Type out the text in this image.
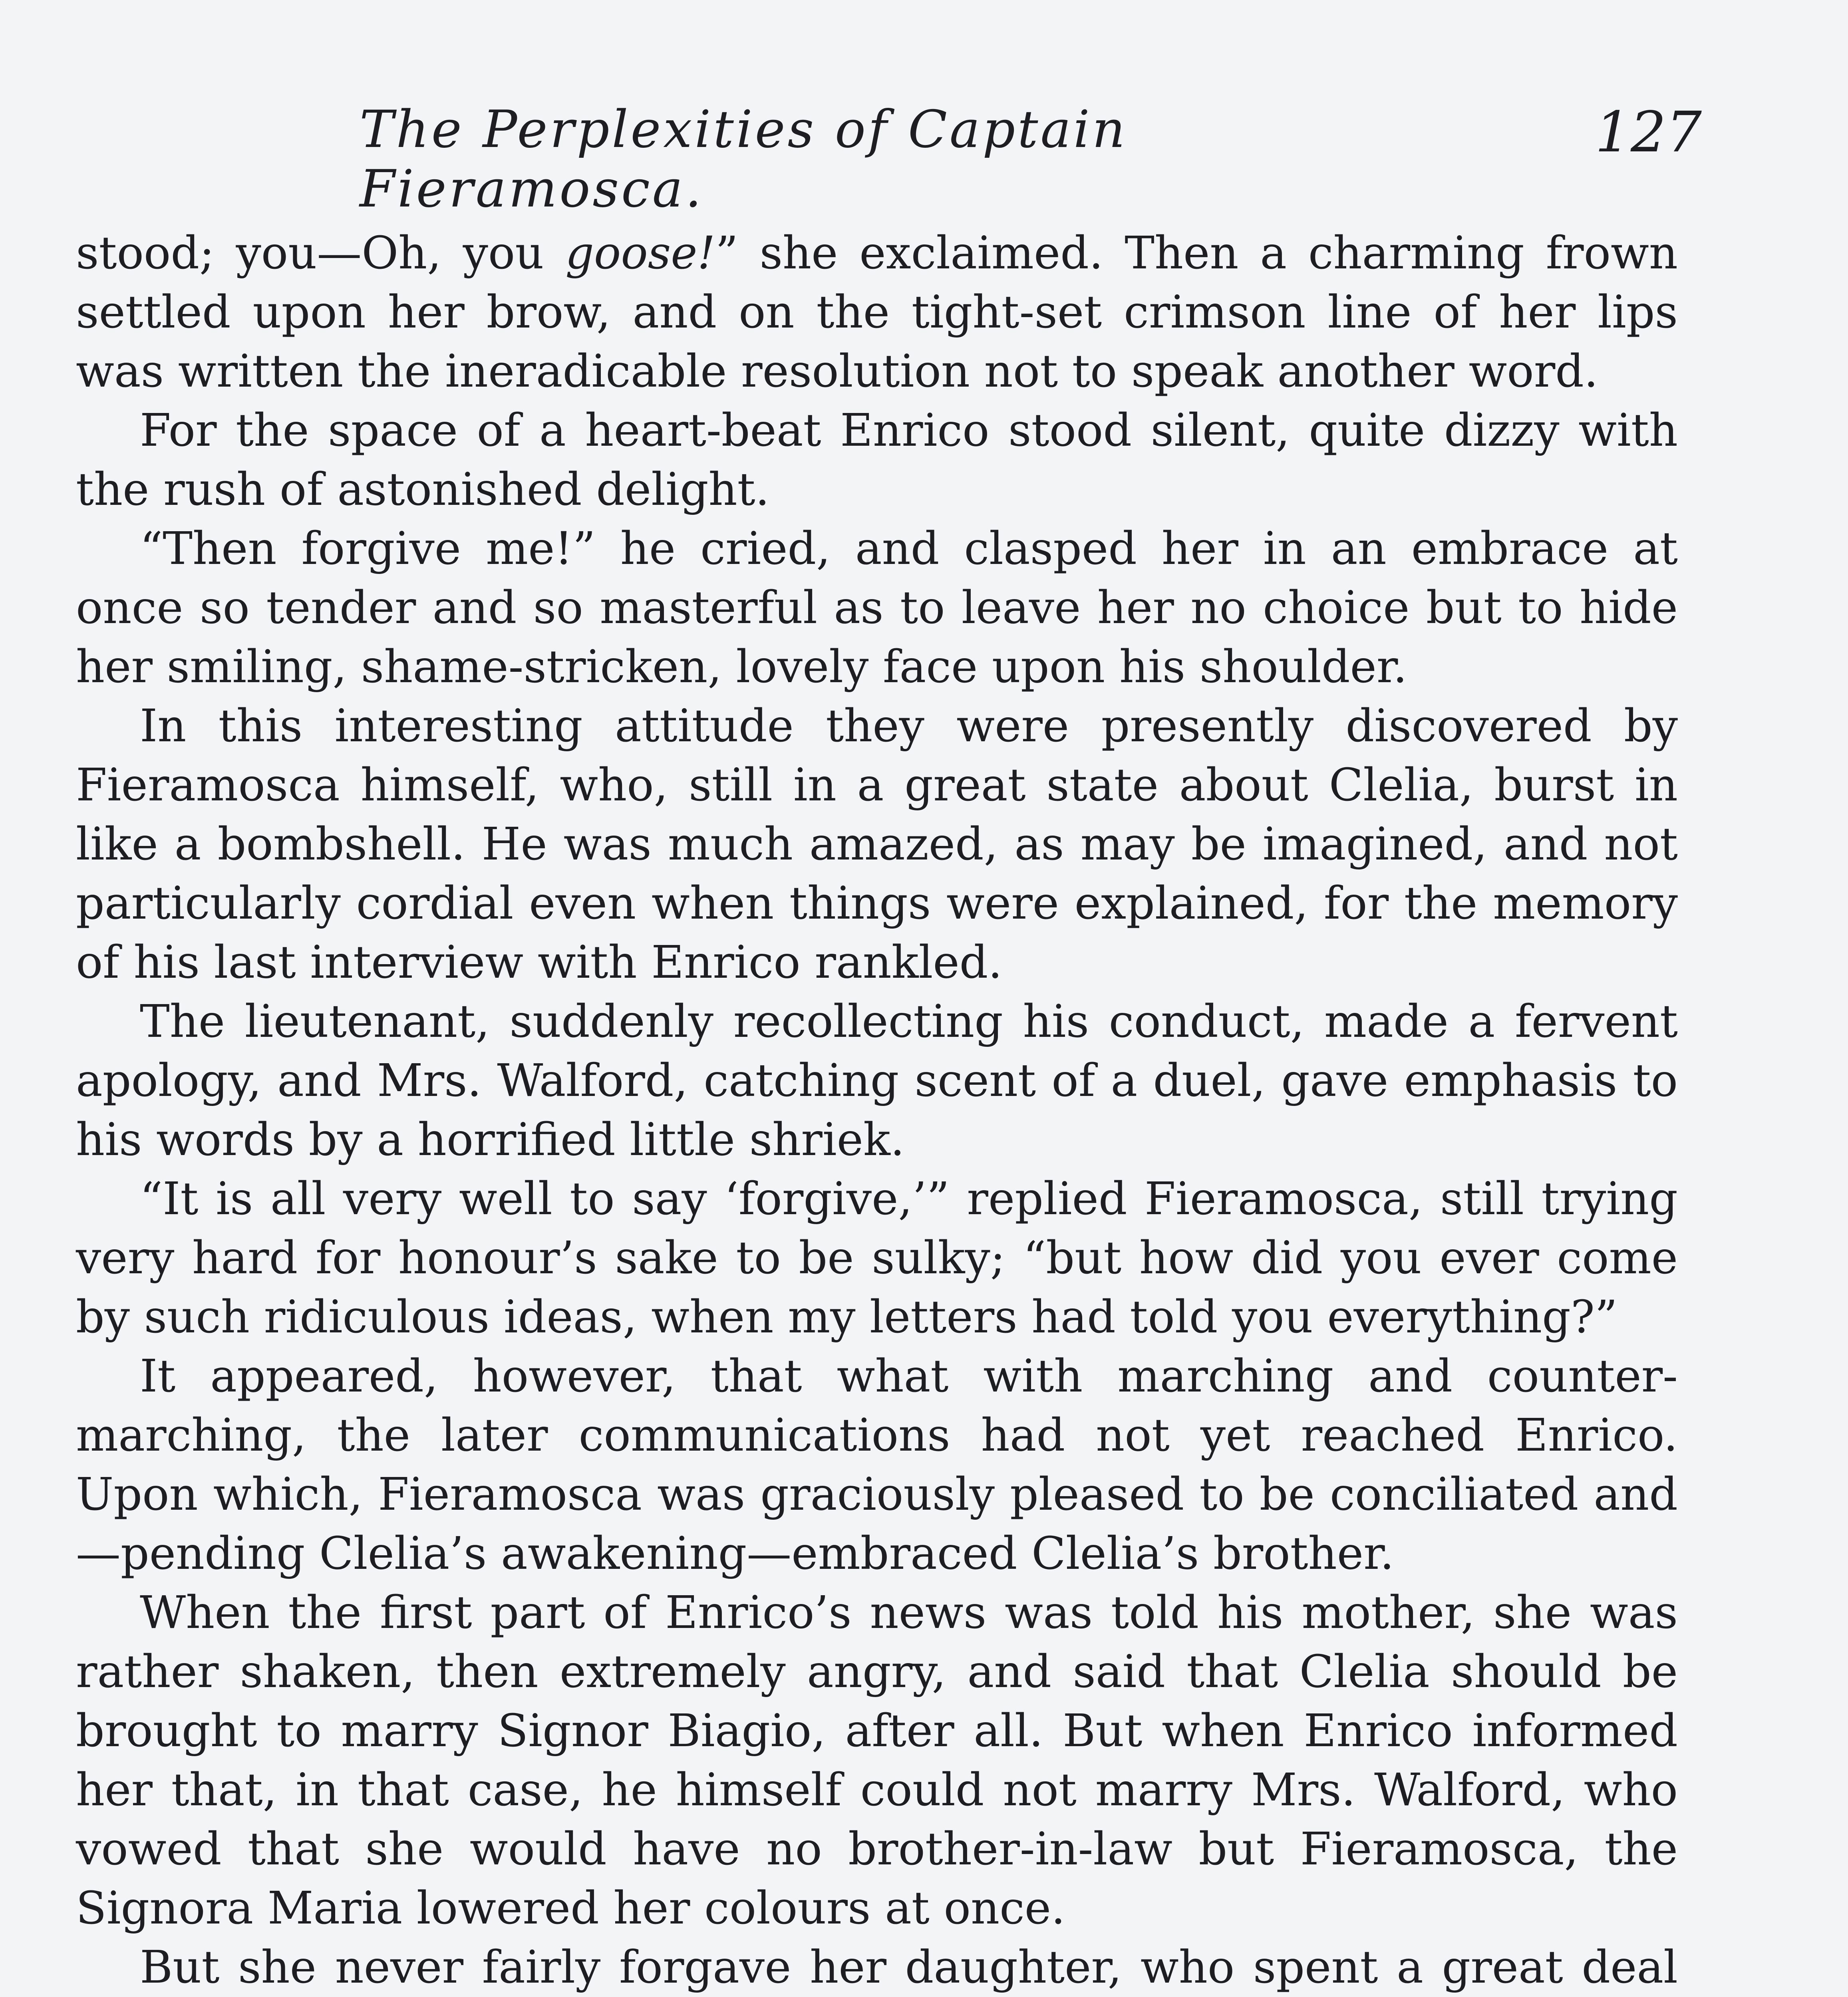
The Perplexities of Captain Fieramosca.
127

stood; you—Oh, you goose!” she exclaimed. Then a charming frown settled upon her brow, and on the tight-set crimson line of her lips was written the ineradicable resolution not to speak another word.

For the space of a heart-beat Enrico stood silent, quite dizzy with the rush of astonished delight.

“Then forgive me!” he cried, and clasped her in an embrace at once so tender and so masterful as to leave her no choice but to hide her smiling, shame-stricken, lovely face upon his shoulder.

In this interesting attitude they were presently discovered by Fieramosca himself, who, still in a great state about Clelia, burst in like a bombshell. He was much amazed, as may be imagined, and not particularly cordial even when things were explained, for the memory of his last interview with Enrico rankled.

The lieutenant, suddenly recollecting his conduct, made a fervent apology, and Mrs. Walford, catching scent of a duel, gave emphasis to his words by a horrified little shriek.

“It is all very well to say ‘forgive,’” replied Fieramosca, still trying very hard for honour’s sake to be sulky; “but how did you ever come by such ridiculous ideas, when my letters had told you everything?”

It appeared, however, that what with marching and counter-marching, the later communications had not yet reached Enrico. Upon which, Fieramosca was graciously pleased to be conciliated and—pending Clelia’s awakening—embraced Clelia’s brother.

When the first part of Enrico’s news was told his mother, she was rather shaken, then extremely angry, and said that Clelia should be brought to marry Signor Biagio, after all. But when Enrico informed her that, in that case, he himself could not marry Mrs. Walford, who vowed that she would have no brother-in-law but Fieramosca, the Signora Maria lowered her colours at once.

But she never fairly forgave her daughter, who spent a great deal
